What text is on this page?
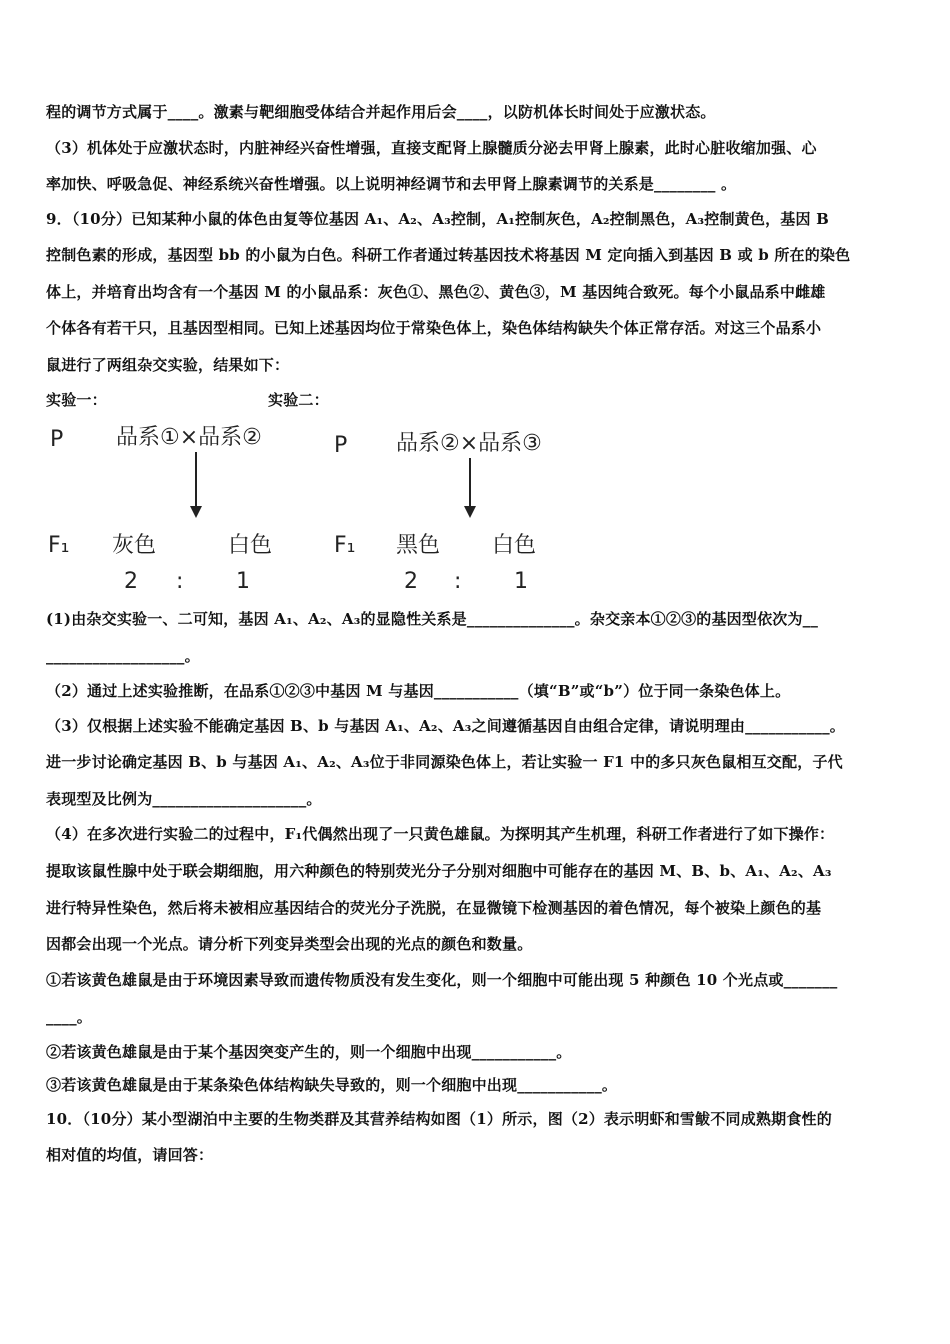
程的调节方式属于____。激素与靶细胞受体结合并起作用后会____，以防机体长时间处于应激状态。
（3）机体处于应激状态时，内脏神经兴奋性增强，直接支配肾上腺髓质分泌去甲肾上腺素，此时心脏收缩加强、心
率加快、呼吸急促、神经系统兴奋性增强。以上说明神经调节和去甲肾上腺素调节的关系是________ 。
9．（10分）已知某种小鼠的体色由复等位基因 A₁、A₂、A₃控制，A₁控制灰色，A₂控制黑色，A₃控制黄色，基因 B
控制色素的形成，基因型 bb 的小鼠为白色。科研工作者通过转基因技术将基因 M 定向插入到基因 B 或 b 所在的染色
体上，并培育出均含有一个基因 M 的小鼠品系：灰色①、黑色②、黄色③，M 基因纯合致死。每个小鼠品系中雌雄
个体各有若干只，且基因型相同。已知上述基因均位于常染色体上，染色体结构缺失个体正常存活。对这三个品系小
鼠进行了两组杂交实验，结果如下：
实验一：	实验二：
P 品系①×品系②
F₁ 灰色	白色
2 : 1
P 品系②×品系③
F₁ 黑色 白色
2 : 1
(1)由杂交实验一、二可知，基因 A₁、A₂、A₃的显隐性关系是______________。杂交亲本①②③的基因型依次为__
__________________。
（2）通过上述实验推断，在品系①②③中基因 M 与基因___________（填“B”或“b”）位于同一条染色体上。
（3）仅根据上述实验不能确定基因 B、b 与基因 A₁、A₂、A₃之间遵循基因自由组合定律，请说明理由___________。
进一步讨论确定基因 B、b 与基因 A₁、A₂、A₃位于非同源染色体上，若让实验一 F1 中的多只灰色鼠相互交配，子代
表现型及比例为____________________。
（4）在多次进行实验二的过程中，F₁代偶然出现了一只黄色雄鼠。为探明其产生机理，科研工作者进行了如下操作：
提取该鼠性腺中处于联会期细胞，用六种颜色的特别荧光分子分别对细胞中可能存在的基因 M、B、b、A₁、A₂、A₃
进行特异性染色，然后将未被相应基因结合的荧光分子洗脱，在显微镜下检测基因的着色情况，每个被染上颜色的基
因都会出现一个光点。请分析下列变异类型会出现的光点的颜色和数量。
①若该黄色雄鼠是由于环境因素导致而遗传物质没有发生变化，则一个细胞中可能出现 5 种颜色 10 个光点或_______
____。
②若该黄色雄鼠是由于某个基因突变产生的，则一个细胞中出现___________。
③若该黄色雄鼠是由于某条染色体结构缺失导致的，则一个细胞中出现___________。
10．（10分）某小型湖泊中主要的生物类群及其营养结构如图（1）所示，图（2）表示明虾和雪鲅不同成熟期食性的
相对值的均值，请回答：
